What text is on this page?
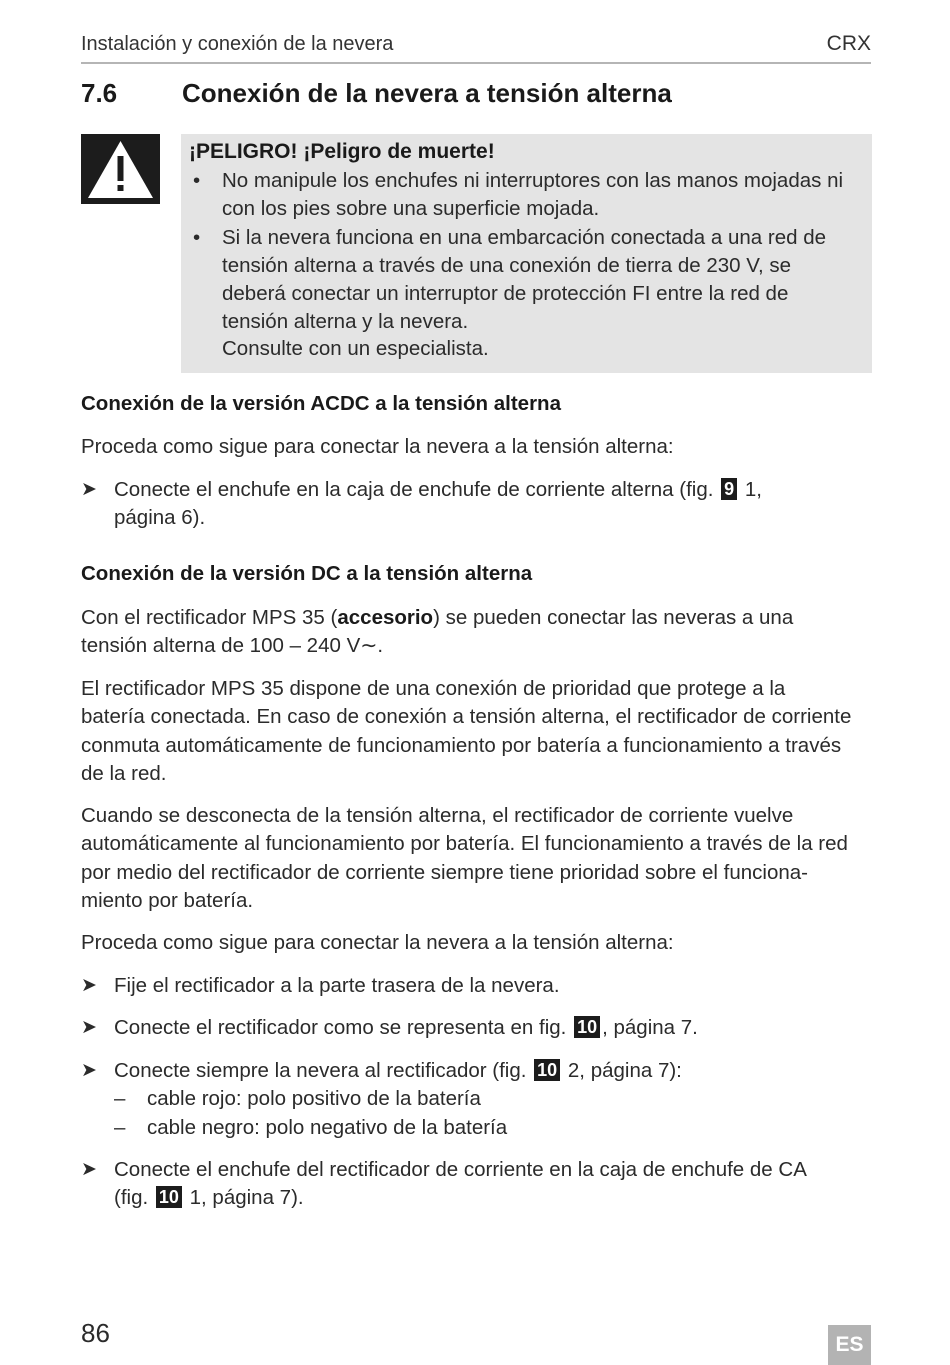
Instalación y conexión de la nevera	CRX
7.6 Conexión de la nevera a tensión alterna
¡PELIGRO! ¡Peligro de muerte!
• No manipule los enchufes ni interruptores con las manos mojadas ni
con los pies sobre una superficie mojada.
• Si la nevera funciona en una embarcación conectada a una red de
tensión alterna a través de una conexión de tierra de 230 V, se
deberá conectar un interruptor de protección FI entre la red de
tensión alterna y la nevera.
Consulte con un especialista.
Conexión de la versión ACDC a la tensión alterna

Proceda como sigue para conectar la nevera a la tensión alterna:

➤ Conecte el enchufe en la caja de enchufe de corriente alterna (fig. 9 1,
página 6).
Conexión de la versión DC a la tensión alterna
Con el rectificador MPS 35 (accesorio) se pueden conectar las neveras a una
tensión alterna de 100 – 240 V∼.
El rectificador MPS 35 dispone de una conexión de prioridad que protege a la
batería conectada. En caso de conexión a tensión alterna, el rectificador de corriente
conmuta automáticamente de funcionamiento por batería a funcionamiento a través
de la red.
Cuando se desconecta de la tensión alterna, el rectificador de corriente vuelve
automáticamente al funcionamiento por batería. El funcionamiento a través de la red
por medio del rectificador de corriente siempre tiene prioridad sobre el funciona-
miento por batería.

Proceda como sigue para conectar la nevera a la tensión alterna:

➤ Fije el rectificador a la parte trasera de la nevera.
➤ Conecte el rectificador como se representa en fig. 10 , página 7.
➤ Conecte siempre la nevera al rectificador (fig. 10 2, página 7):
– cable rojo: polo positivo de la batería
– cable negro: polo negativo de la batería
➤ Conecte el enchufe del rectificador de corriente en la caja de enchufe de CA
(fig. 10 1, página 7).
86	ES
